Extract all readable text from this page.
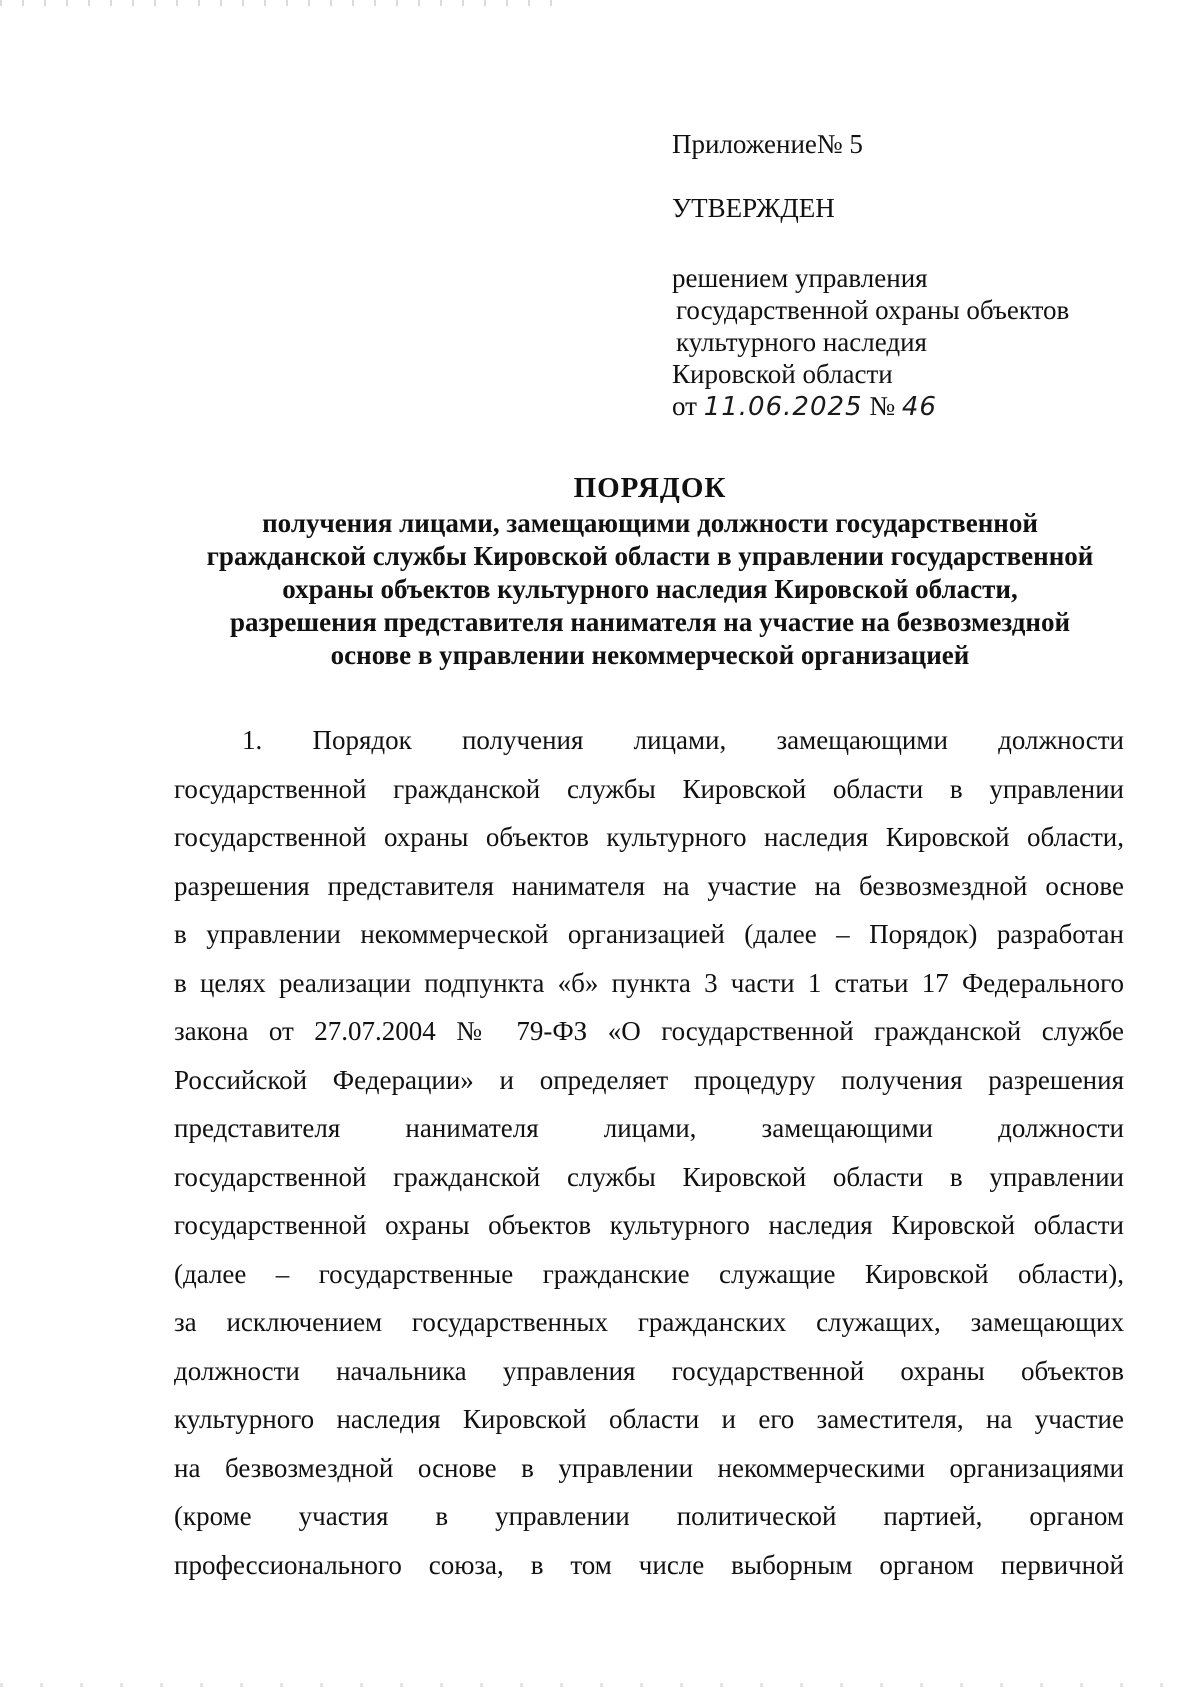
Приложение№ 5
УТВЕРЖДЕН
решением управления
государственной охраны объектов
культурного наследия
Кировской области
от 11.06.2025 № 46
ПОРЯДОК
получения лицами, замещающими должности государственной
гражданской службы Кировской области в управлении государственной
охраны объектов культурного наследия Кировской области,
разрешения представителя нанимателя на участие на безвозмездной
основе в управлении некоммерческой организацией
1. Порядок получения лицами, замещающими должности
государственной гражданской службы Кировской области в управлении
государственной охраны объектов культурного наследия Кировской области,
разрешения представителя нанимателя на участие на безвозмездной основе
в управлении некоммерческой организацией (далее – Порядок) разработан
в целях реализации подпункта «б» пункта 3 части 1 статьи 17 Федерального
закона от 27.07.2004 № 79-ФЗ «О государственной гражданской службе
Российской Федерации» и определяет процедуру получения разрешения
представителя нанимателя лицами, замещающими должности
государственной гражданской службы Кировской области в управлении
государственной охраны объектов культурного наследия Кировской области
(далее – государственные гражданские служащие Кировской области),
за исключением государственных гражданских служащих, замещающих
должности начальника управления государственной охраны объектов
культурного наследия Кировской области и его заместителя, на участие
на безвозмездной основе в управлении некоммерческими организациями
(кроме участия в управлении политической партией, органом
профессионального союза, в том числе выборным органом первичной
